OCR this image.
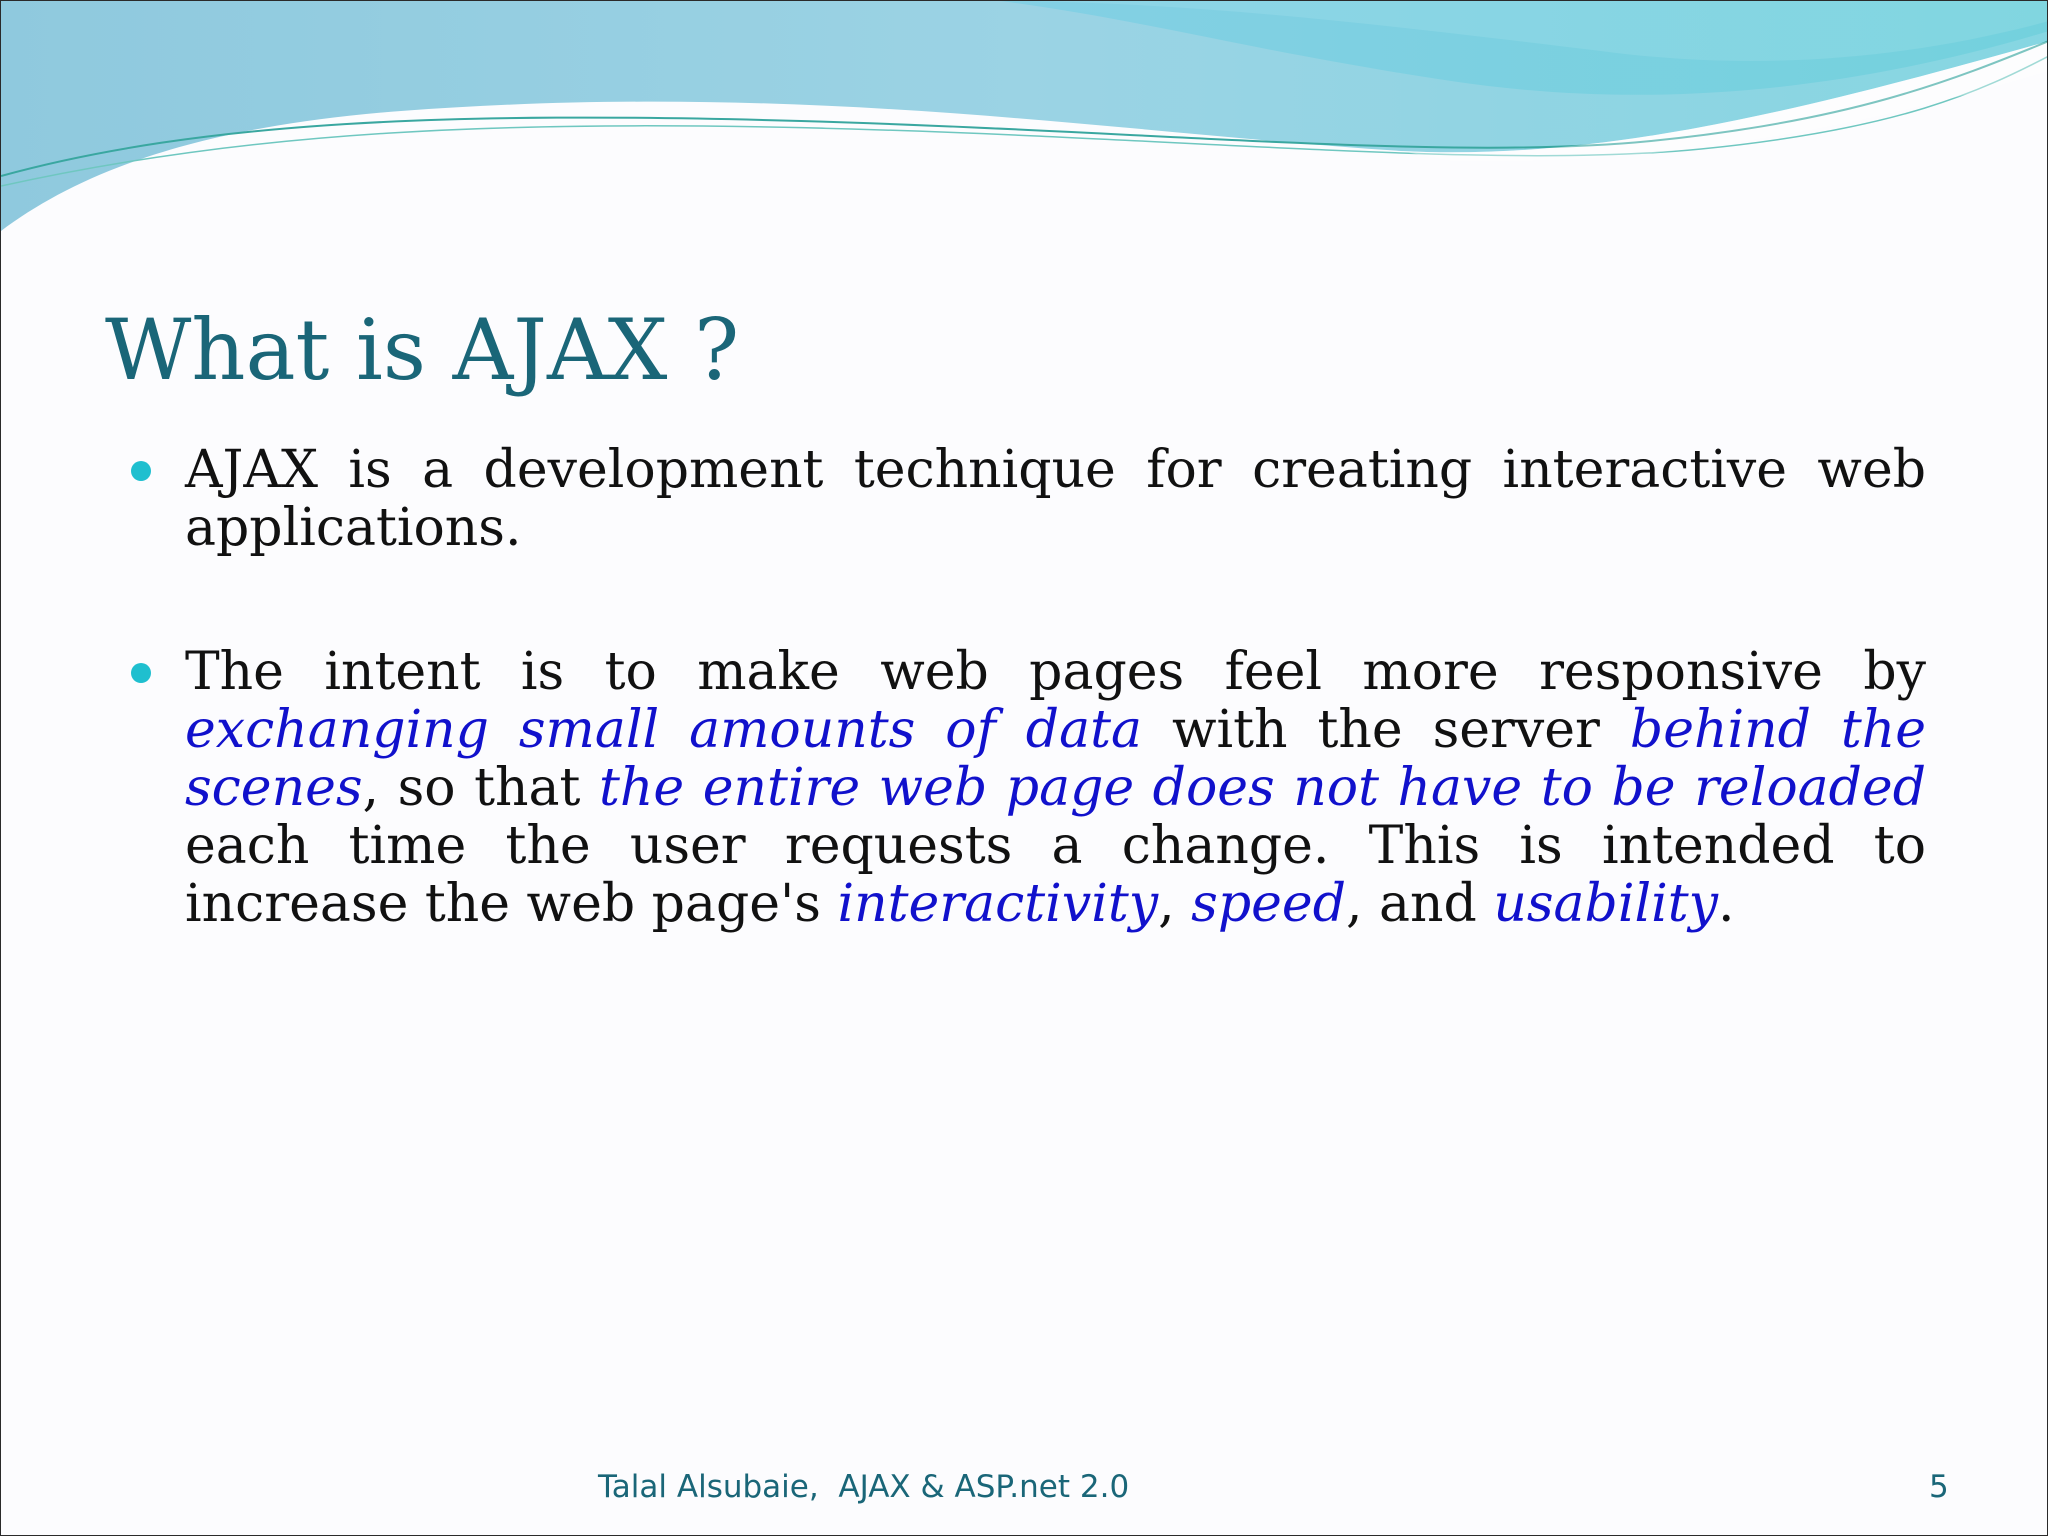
What is AJAX ?
AJAX is a development technique for creating interactive web applications.
The intent is to make web pages feel more responsive by exchanging small amounts of data with the server behind the scenes, so that the entire web page does not have to be reloaded each time the user requests a change. This is intended to increase the web page's interactivity, speed, and usability.
Talal Alsubaie,  AJAX & ASP.net 2.0	5
